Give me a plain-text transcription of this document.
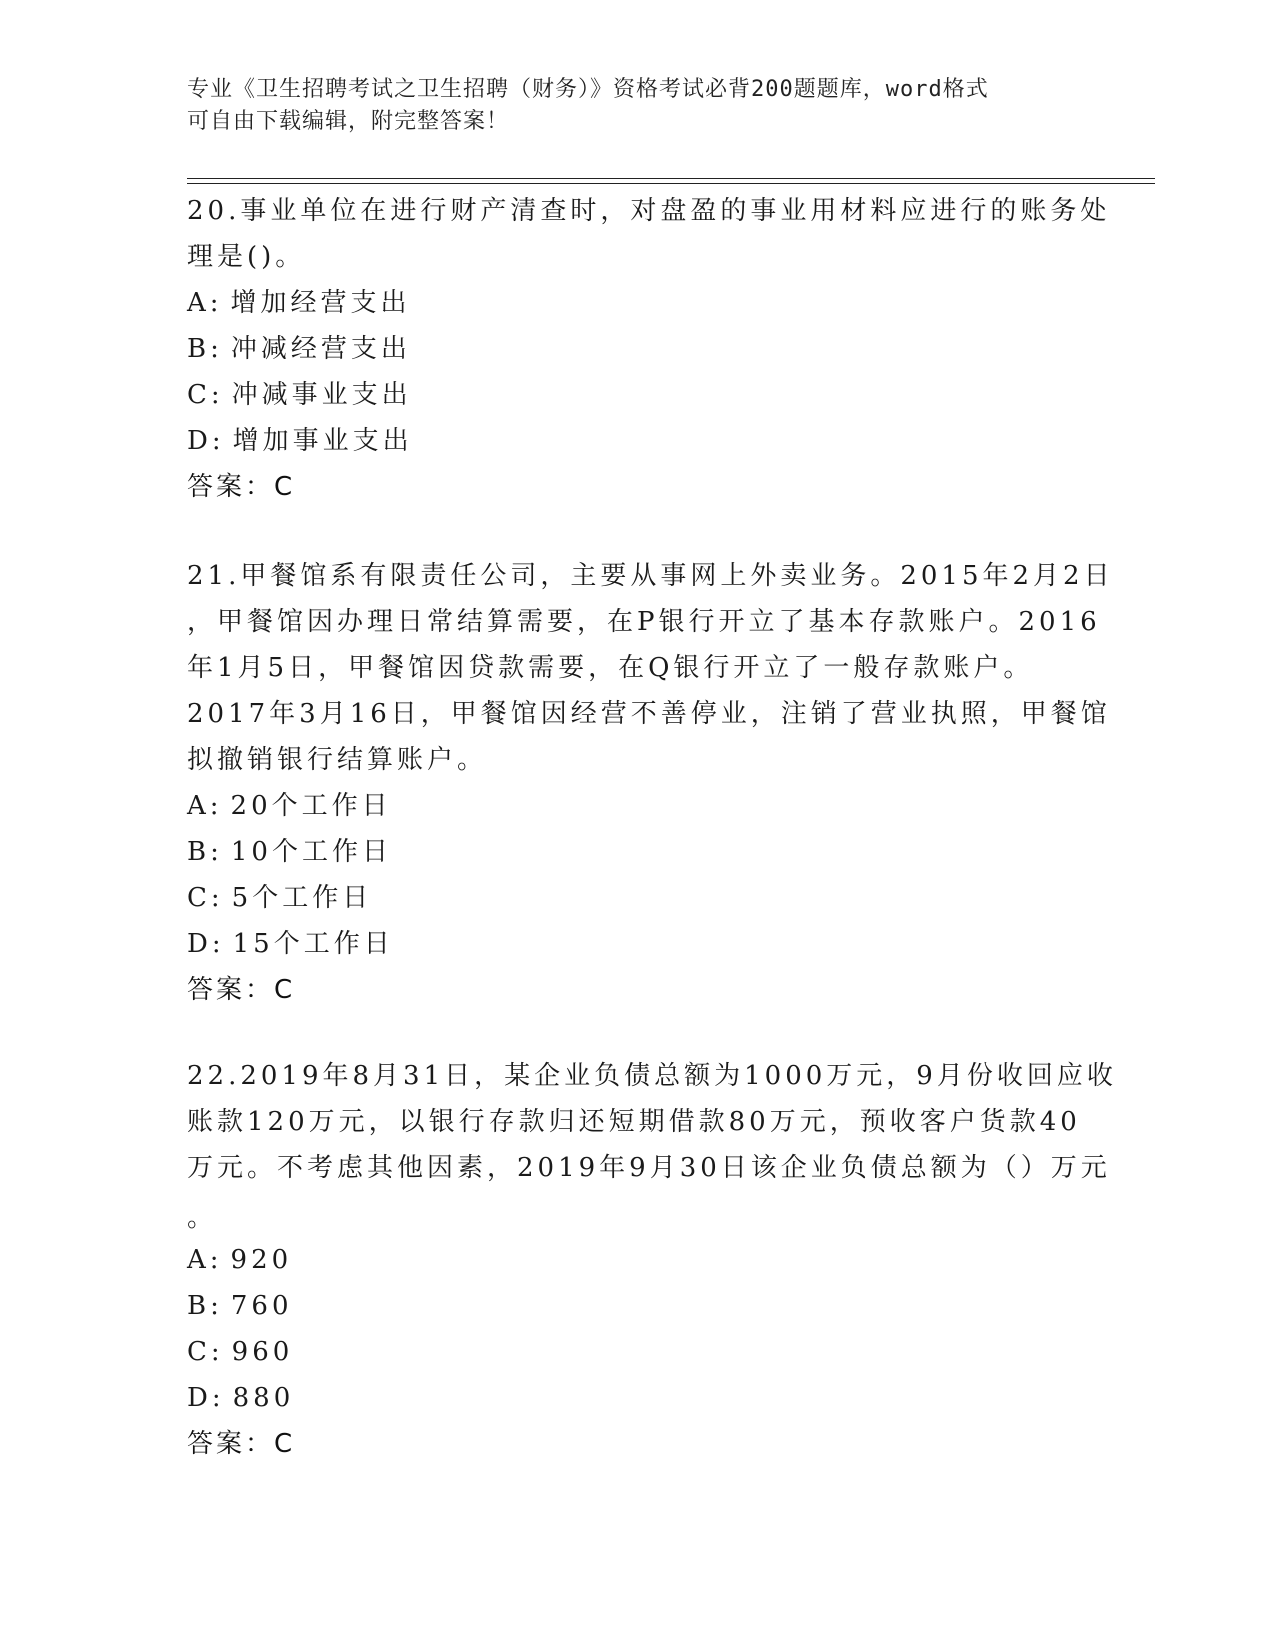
专业《卫生招聘考试之卫生招聘（财务）》资格考试必背200题题库，word格式
可自由下载编辑，附完整答案！
20.事业单位在进行财产清查时，对盘盈的事业用材料应进行的账务处
理是()。
A: 增加经营支出
B: 冲减经营支出
C: 冲减事业支出
D: 增加事业支出
答案：C
21.甲餐馆系有限责任公司，主要从事网上外卖业务。2015年2月2日
，甲餐馆因办理日常结算需要，在P银行开立了基本存款账户。2016
年1月5日，甲餐馆因贷款需要，在Q银行开立了一般存款账户。
2017年3月16日，甲餐馆因经营不善停业，注销了营业执照，甲餐馆
拟撤销银行结算账户。
A: 20个工作日
B: 10个工作日
C: 5个工作日
D: 15个工作日
答案：C
22.2019年8月31日，某企业负债总额为1000万元，9月份收回应收
账款120万元，以银行存款归还短期借款80万元，预收客户货款40
万元。不考虑其他因素，2019年9月30日该企业负债总额为（）万元
。
A: 920
B: 760
C: 960
D: 880
答案：C
